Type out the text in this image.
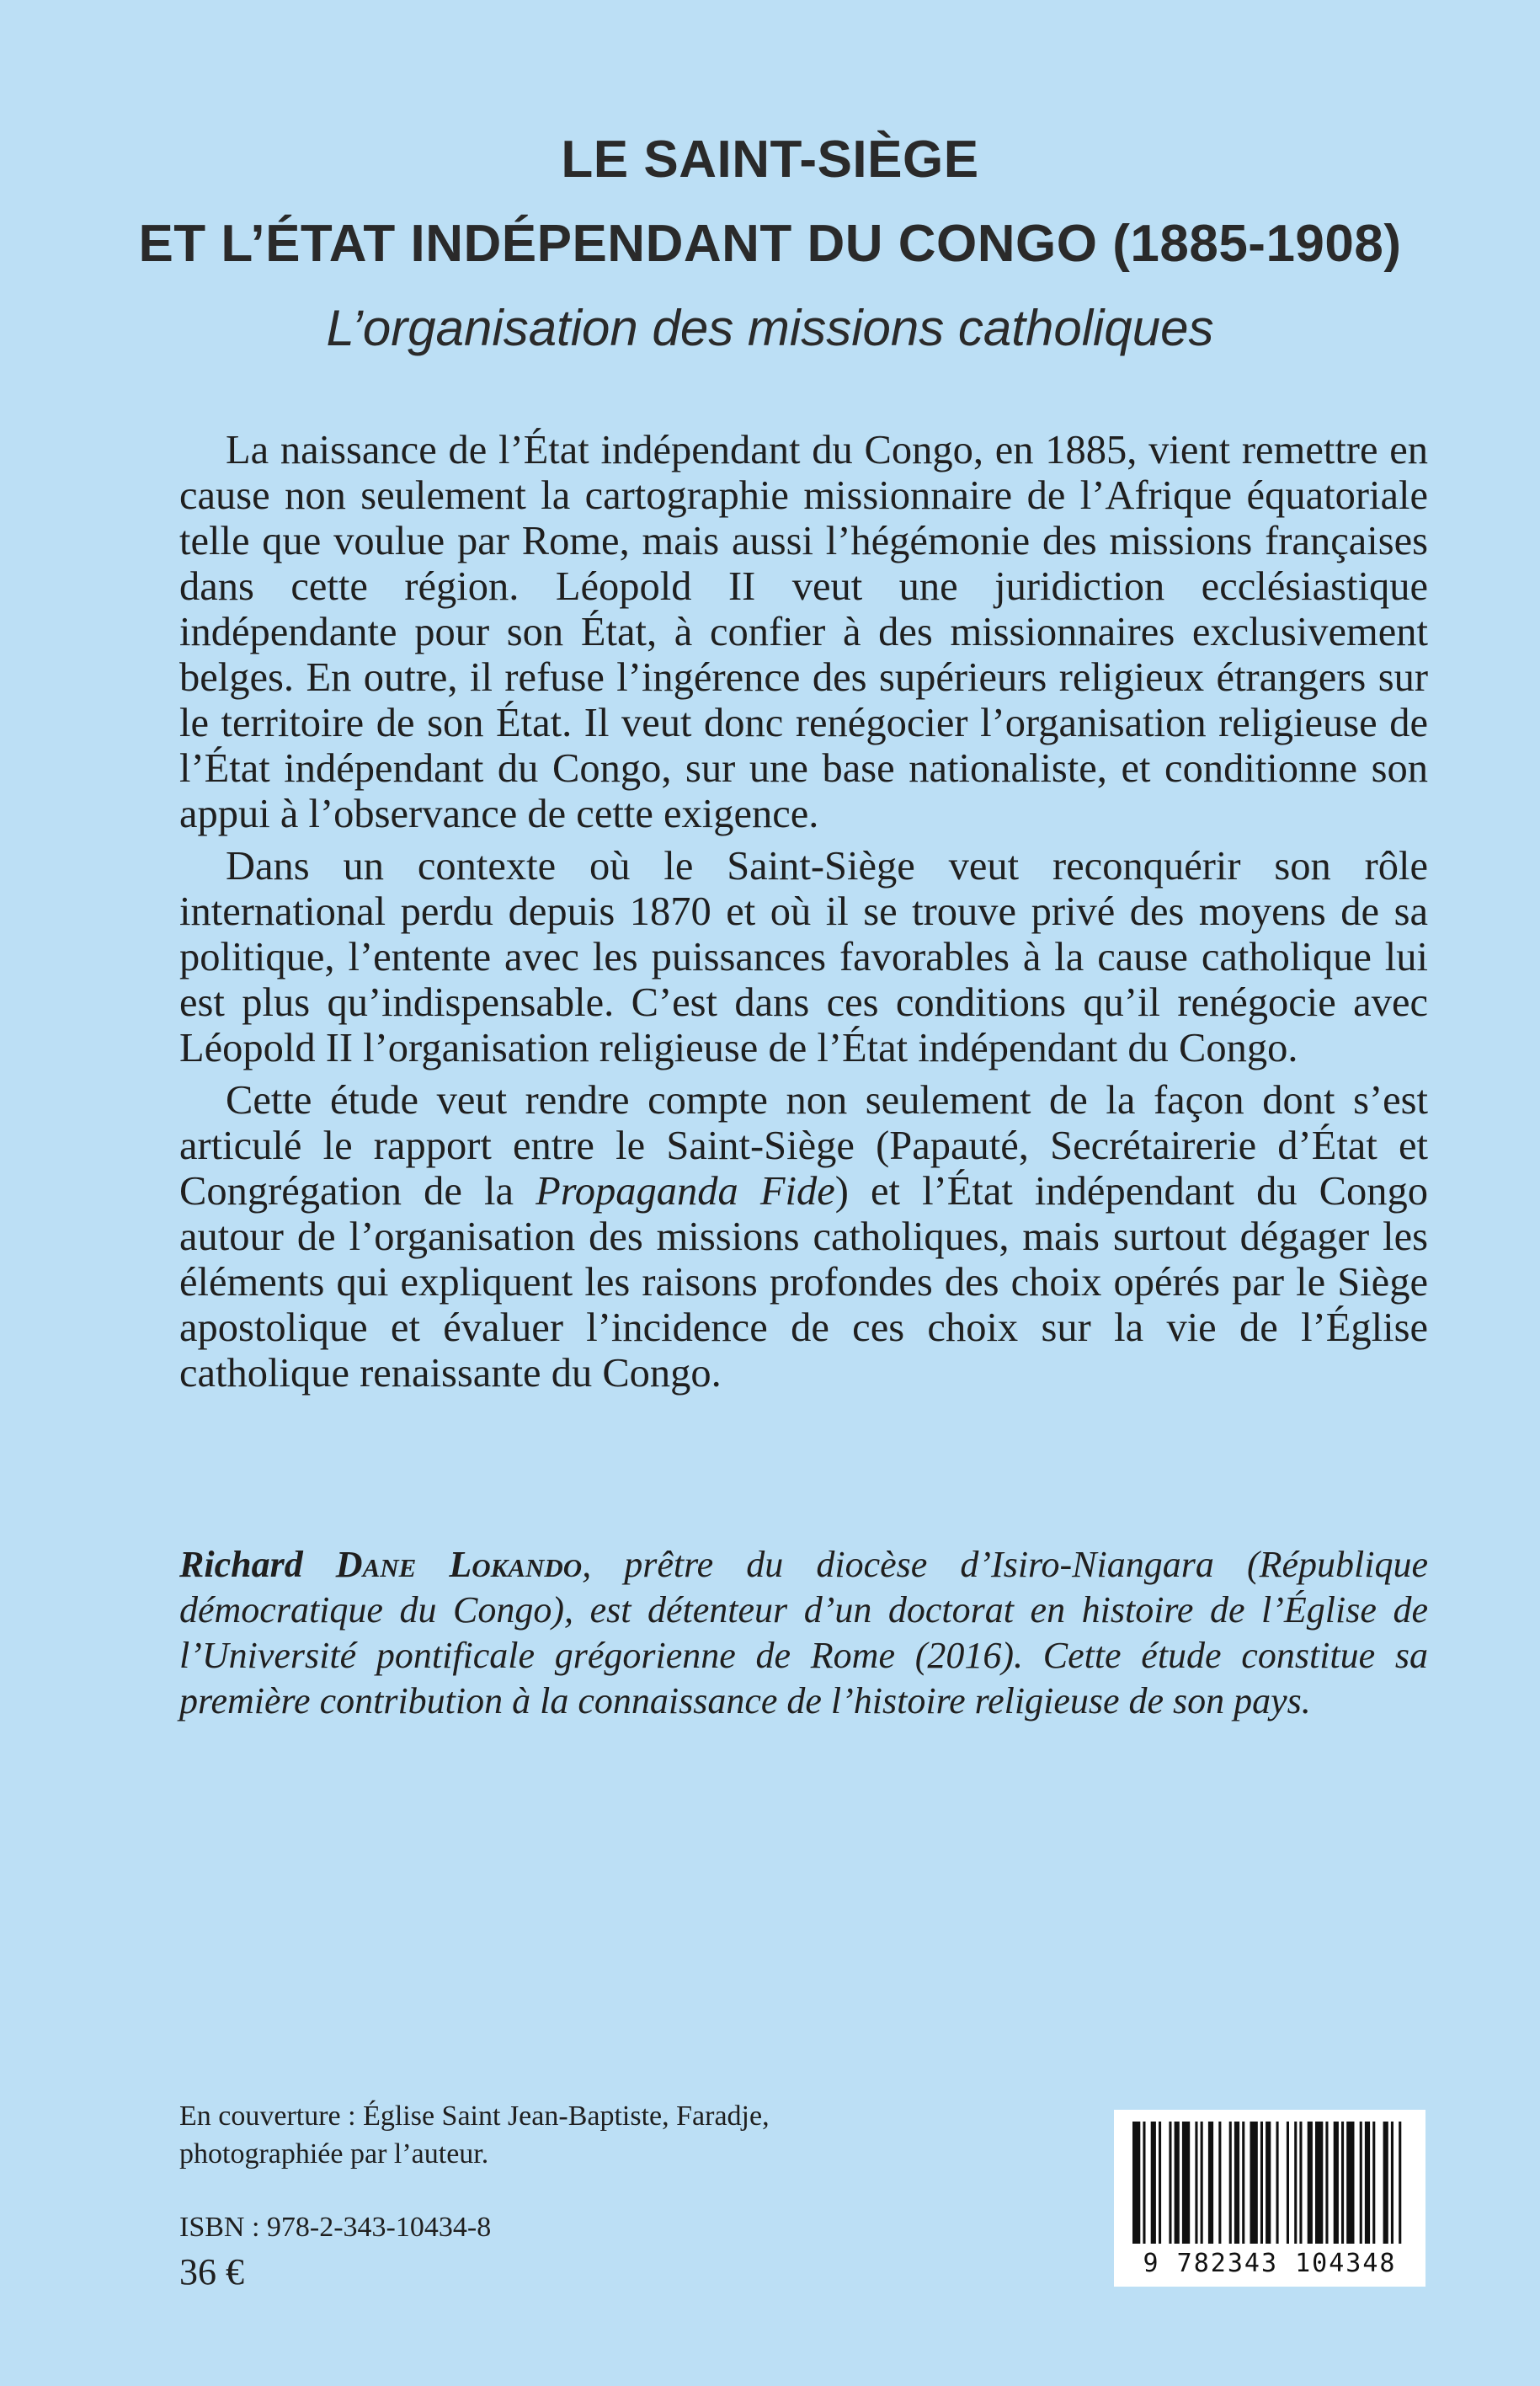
LE SAINT-SIÈGE
ET L’ÉTAT INDÉPENDANT DU CONGO (1885-1908)
L’organisation des missions catholiques

La naissance de l’État indépendant du Congo, en 1885, vient remettre en cause non seulement la cartographie missionnaire de l’Afrique équatoriale telle que voulue par Rome, mais aussi l’hégémonie des missions françaises dans cette région. Léopold II veut une juridiction ecclésiastique indépendante pour son État, à confier à des missionnaires exclusivement belges. En outre, il refuse l’ingérence des supérieurs religieux étrangers sur le territoire de son État. Il veut donc renégocier l’organisation religieuse de l’État indépendant du Congo, sur une base nationaliste, et conditionne son appui à l’observance de cette exigence.

Dans un contexte où le Saint-Siège veut reconquérir son rôle international perdu depuis 1870 et où il se trouve privé des moyens de sa politique, l’entente avec les puissances favorables à la cause catholique lui est plus qu’indispensable. C’est dans ces conditions qu’il renégocie avec Léopold II l’organisation religieuse de l’État indépendant du Congo.

Cette étude veut rendre compte non seulement de la façon dont s’est articulé le rapport entre le Saint-Siège (Papauté, Secrétairerie d’État et Congrégation de la Propaganda Fide) et l’État indépendant du Congo autour de l’organisation des missions catholiques, mais surtout dégager les éléments qui expliquent les raisons profondes des choix opérés par le Siège apostolique et évaluer l’incidence de ces choix sur la vie de l’Église catholique renaissante du Congo.

Richard Dane Lokando, prêtre du diocèse d’Isiro-Niangara (République démocratique du Congo), est détenteur d’un doctorat en histoire de l’Église de l’Université pontificale grégorienne de Rome (2016). Cette étude constitue sa première contribution à la connaissance de l’histoire religieuse de son pays.
En couverture : Église Saint Jean-Baptiste, Faradje, photographiée par l’auteur.
ISBN : 978-2-343-10434-8
36 €	9 782343 104348
